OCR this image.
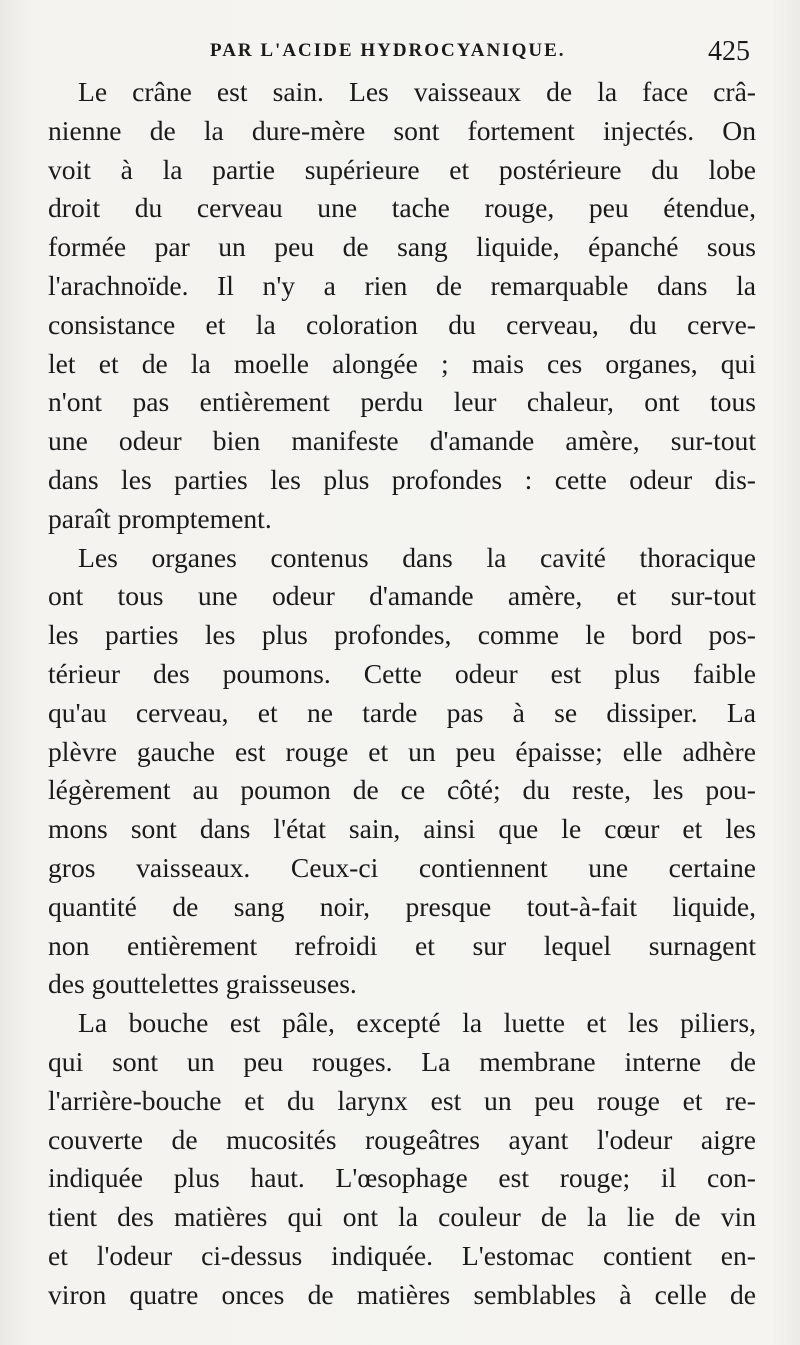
PAR L'ACIDE HYDROCYANIQUE.	425
Le crâne est sain. Les vaisseaux de la face crâ-
nienne de la dure-mère sont fortement injectés. On
voit à la partie supérieure et postérieure du lobe
droit du cerveau une tache rouge, peu étendue,
formée par un peu de sang liquide, épanché sous
l'arachnoïde. Il n'y a rien de remarquable dans la
consistance et la coloration du cerveau, du cerve-
let et de la moelle alongée ; mais ces organes, qui
n'ont pas entièrement perdu leur chaleur, ont tous
une odeur bien manifeste d'amande amère, sur-tout
dans les parties les plus profondes : cette odeur dis-
paraît promptement.
Les organes contenus dans la cavité thoracique
ont tous une odeur d'amande amère, et sur-tout
les parties les plus profondes, comme le bord pos-
térieur des poumons. Cette odeur est plus faible
qu'au cerveau, et ne tarde pas à se dissiper. La
plèvre gauche est rouge et un peu épaisse; elle adhère
légèrement au poumon de ce côté; du reste, les pou-
mons sont dans l'état sain, ainsi que le cœur et les
gros vaisseaux. Ceux-ci contiennent une certaine
quantité de sang noir, presque tout-à-fait liquide,
non entièrement refroidi et sur lequel surnagent
des gouttelettes graisseuses.
La bouche est pâle, excepté la luette et les piliers,
qui sont un peu rouges. La membrane interne de
l'arrière-bouche et du larynx est un peu rouge et re-
couverte de mucosités rougeâtres ayant l'odeur aigre
indiquée plus haut. L'œsophage est rouge; il con-
tient des matières qui ont la couleur de la lie de vin
et l'odeur ci-dessus indiquée. L'estomac contient en-
viron quatre onces de matières semblables à celle de
